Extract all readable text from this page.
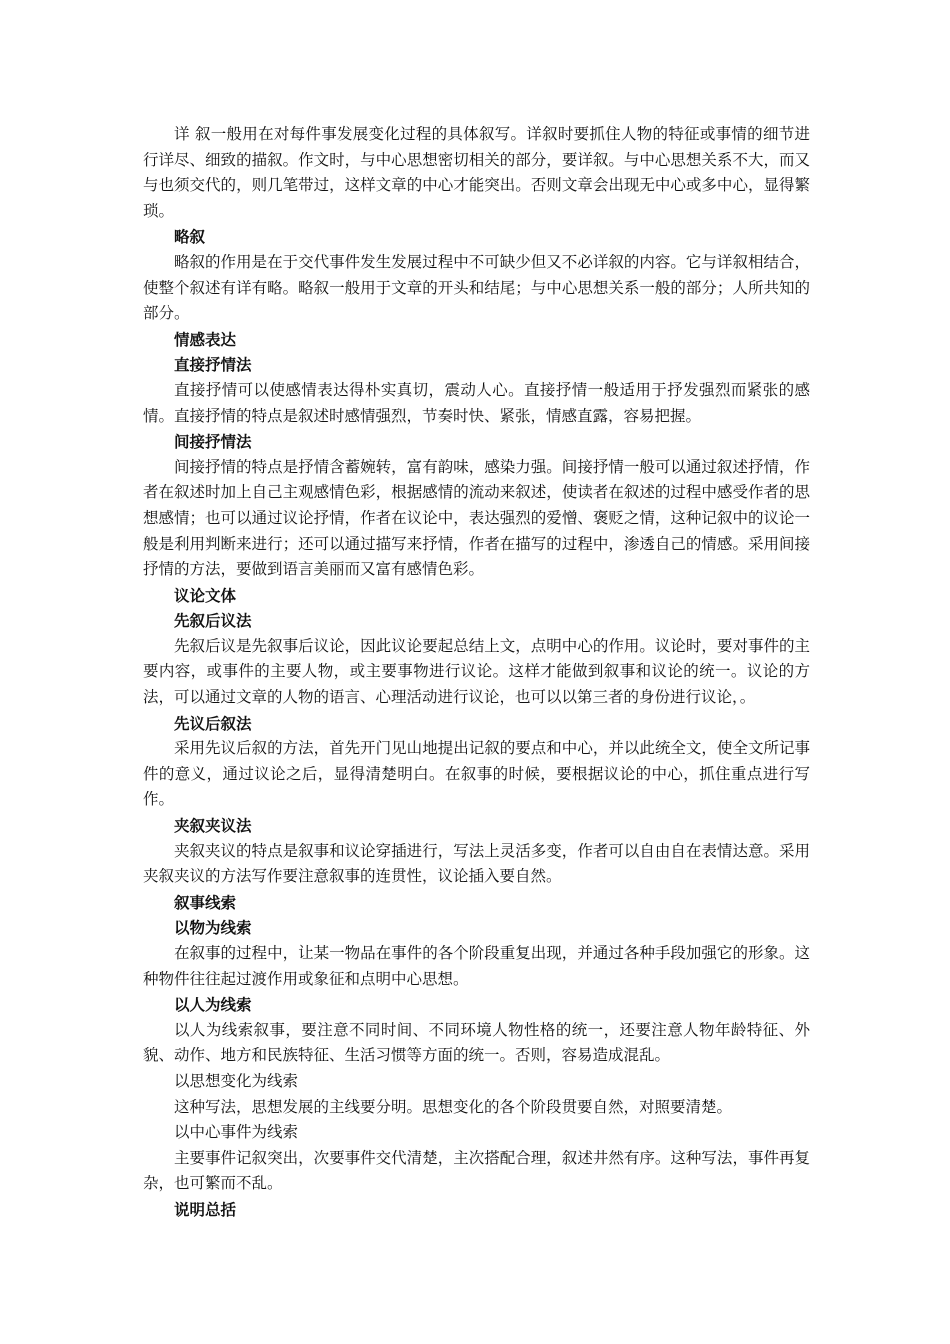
详 叙一般用在对每件事发展变化过程的具体叙写。详叙时要抓住人物的特征或事情的细节进行详尽、细致的描叙。作文时，与中心思想密切相关的部分，要详叙。与中心思想关系不大，而又与也须交代的，则几笔带过，这样文章的中心才能突出。否则文章会出现无中心或多中心，显得繁琐。

略叙

略叙的作用是在于交代事件发生发展过程中不可缺少但又不必详叙的内容。它与详叙相结合，使整个叙述有详有略。略叙一般用于文章的开头和结尾；与中心思想关系一般的部分；人所共知的部分。

情感表达

直接抒情法

直接抒情可以使感情表达得朴实真切，震动人心。直接抒情一般适用于抒发强烈而紧张的感情。直接抒情的特点是叙述时感情强烈，节奏时快、紧张，情感直露，容易把握。

间接抒情法

间接抒情的特点是抒情含蓄婉转，富有韵味，感染力强。间接抒情一般可以通过叙述抒情，作者在叙述时加上自己主观感情色彩，根据感情的流动来叙述，使读者在叙述的过程中感受作者的思想感情；也可以通过议论抒情，作者在议论中，表达强烈的爱憎、褒贬之情，这种记叙中的议论一般是利用判断来进行；还可以通过描写来抒情，作者在描写的过程中，渗透自己的情感。采用间接抒情的方法，要做到语言美丽而又富有感情色彩。

议论文体

先叙后议法

先叙后议是先叙事后议论，因此议论要起总结上文，点明中心的作用。议论时，要对事件的主要内容，或事件的主要人物，或主要事物进行议论。这样才能做到叙事和议论的统一。议论的方法，可以通过文章的人物的语言、心理活动进行议论，也可以以第三者的身份进行议论，。

先议后叙法

采用先议后叙的方法，首先开门见山地提出记叙的要点和中心，并以此统全文，使全文所记事件的意义，通过议论之后，显得清楚明白。在叙事的时候，要根据议论的中心，抓住重点进行写作。

夹叙夹议法

夹叙夹议的特点是叙事和议论穿插进行，写法上灵活多变，作者可以自由自在表情达意。采用夹叙夹议的方法写作要注意叙事的连贯性，议论插入要自然。

叙事线索

以物为线索

在叙事的过程中，让某一物品在事件的各个阶段重复出现，并通过各种手段加强它的形象。这种物件往往起过渡作用或象征和点明中心思想。

以人为线索

以人为线索叙事，要注意不同时间、不同环境人物性格的统一，还要注意人物年龄特征、外貌、动作、地方和民族特征、生活习惯等方面的统一。否则，容易造成混乱。

以思想变化为线索

这种写法，思想发展的主线要分明。思想变化的各个阶段贯要自然，对照要清楚。

以中心事件为线索

主要事件记叙突出，次要事件交代清楚，主次搭配合理，叙述井然有序。这种写法，事件再复杂，也可繁而不乱。

说明总括
